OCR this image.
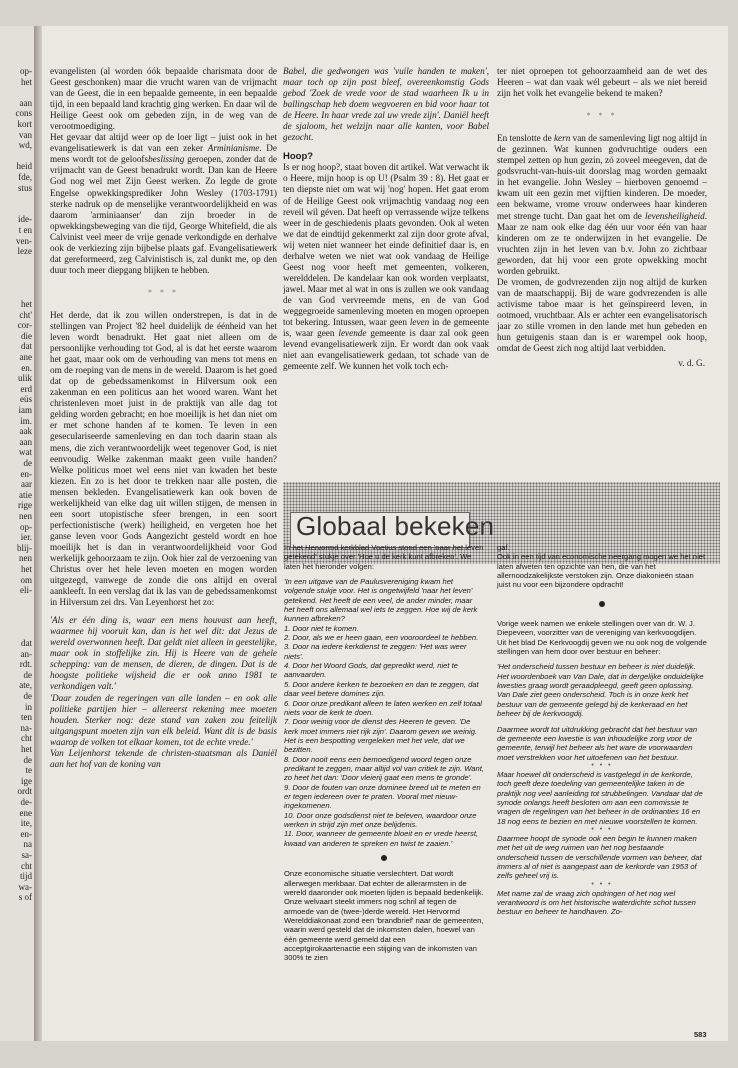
op-
het
aan
cons
kort
van
wd,
heid
fde,
stus
ide-
t en
ven-
leze
het
cht'
cor-
die
dat
ane
en.
ulik
erd
eüs
iam
im.
aak
aan
wat
de
en-
aar
atie
rige
nen
op-
ier.
blij-
nen
het
om
eli-
dat
an-
rdt.
de
ate,
de
in
ten
na-
cht
het
de
te
ige
ordt
de-
ene
ite,
en-
na
sa-
cht
tijd
wa-
s of

evangelisten (al worden óók bepaalde charismata door de Geest geschonken) maar die vrucht waren van de vrijmacht van de Geest, die in een bepaalde gemeente, in een bepaalde tijd, in een bepaald land krachtig ging werken. En daar wil de Heilige Geest ook om gebeden zijn, in de weg van de verootmoediging.

Het gevaar dat altijd weer op de loer ligt – juist ook in het evangelisatiewerk is dat van een zeker Arminianisme. De mens wordt tot de geloofsbeslissing geroepen, zonder dat de vrijmacht van de Geest benadrukt wordt. Dan kan de Heere God nog wel met Zijn Geest werken. Zo legde de grote Engelse opwekkingsprediker John Wesley (1703-1791) sterke nadruk op de menselijke verantwoordelijkheid en was daarom 'arminiaanser' dan zijn broeder in de opwekkingsbeweging van die tijd, George Whitefield, die als Calvinist veel meer de vrije genade verkondigde en derhalve ook de verkiezing zijn bijbelse plaats gaf. Evangelisatiewerk dat gereformeerd, zeg Calvinistisch is, zal dunkt me, op den duur toch meer diepgang blijken te hebben.

* * *

Het derde, dat ik zou willen onderstrepen, is dat in de stellingen van Project '82 heel duidelijk de éénheid van het leven wordt benadrukt. Het gaat niet alleen om de persoonlijke verhouding tot God, al is dat het eerste waarom het gaat, maar ook om de verhouding van mens tot mens en om de roeping van de mens in de wereld. Daarom is het goed dat op de gebedssamenkomst in Hilversum ook een zakenman en een politicus aan het woord waren. Want het christenleven moet juist in de praktijk van alle dag tot gelding worden gebracht; en hoe moeilijk is het dan niet om er met schone handen af te komen. Te leven in een geseculariseerde samenleving en dan toch daarin staan als mens, die zich verantwoordelijk weet tegenover God, is niet eenvoudig. Welke zakenman maakt geen vuile handen? Welke politicus moet wel eens niet van kwaden het beste kiezen. En zo is het door te trekken naar alle posten, die mensen bekleden. Evangelisatiewerk kan ook boven de werkelijkheid van elke dag uit willen stijgen, de mensen in een soort utopistische sfeer brengen, in een soort perfectionistische (werk) heiligheid, en vergeten hoe het ganse leven voor Gods Aangezicht gesteld wordt en hoe moeilijk het is dan in verantwoordelijkheid voor God werkelijk gehoorzaam te zijn. Ook hier zal de verzoening van Christus over het hele leven moeten en mogen worden uitgezegd, vanwege de zonde die ons altijd en overal aankleeft. In een verslag dat ik las van de gebedssamenkomst in Hilversum zei drs. Van Leyenhorst het zo:

'Als er één ding is, waar een mens houvast aan heeft, waarmee hij vooruit kan, dan is het wel dit: dat Jezus de wereld overwonnen heeft. Dat geldt niet alleen in geestelijke, maar ook in stoffelijke zin. Hij is Heere van de gehele schepping: van de mensen, de dieren, de dingen. Dat is de hoogste politieke wijsheid die er ook anno 1981 te verkondigen valt.'

'Daar zouden de regeringen van alle landen – en ook alle politieke partijen hier – allereerst rekening mee moeten houden. Sterker nog: deze stand van zaken zou feitelijk uitgangspunt moeten zijn van elk beleid. Want dit is de basis waarop de volken tot elkaar komen, tot de echte vrede.'

Van Leijenhorst tekende de christen-staatsman als Daniël aan het hof van de koning van

Babel, die gedwongen was 'vuile handen te maken', maar toch op zijn post bleef, overeenkomstig Gods gebod 'Zoek de vrede voor de stad waarheen Ik u in ballingschap heb doem wegvoeren en bid voor haar tot de Heere. In haar vrede zal uw vrede zijn'. Daniël heeft de sjaloom, het welzijn naar alle kanten, voor Babel gezocht.

Hoop?

Is er nog hoop?, staat boven dit artikel. Wat verwacht ik o Heere, mijn hoop is op U! (Psalm 39 : 8). Het gaat er ten diepste niet om wat wij 'nog' hopen. Het gaat erom of de Heilige Geest ook vrijmachtig vandaag nog een reveil wil géven. Dat heeft op verrassende wijze telkens weer in de geschiedenis plaats gevonden. Ook al weten we dat de eindtijd gekenmerkt zal zijn door grote afval, wij weten niet wanneer het einde definitief daar is, en derhalve weten we niet wat ook vandaag de Heilige Geest nog voor heeft met gemeenten, volkeren, werelddelen. De kandelaar kan ook worden verplaatst, jawel. Maar met al wat in ons is zullen we ook vandaag de van God vervreemde mens, en de van God weggegroeide samenleving moeten en mogen oproepen tot bekering. Intussen, waar geen leven in de gemeente is, waar geen levende gemeente is daar zal ook geen levend evangelisatiewerk zijn. Er wordt dan ook vaak niet aan evangelisatiewerk gedaan, tot schade van de gemeente zelf. We kunnen het volk toch ech-

ter niet oproepen tot gehoorzaamheid aan de wet des Heeren – wat dan vaak wél gebeurt – als we niet bereid zijn het volk het evangelie bekend te maken?

* * *

En tenslotte de kern van de samenleving ligt nog altijd in de gezinnen. Wat kunnen godvruchtige ouders een stempel zetten op hun gezin, zó zoveel meegeven, dat de godsvrucht-van-huis-uit doorslag mag worden gemaakt in het evangelie. John Wesley – hierboven genoemd – kwam uit een gezin met vijftien kinderen. De moeder, een bekwame, vrome vrouw onderwees haar kinderen met strenge tucht. Dan gaat het om de levensheiligheid. Maar ze nam ook elke dag één uur voor één van haar kinderen om ze te onderwijzen in het evangelie. De vruchten zijn in het leven van b.v. John zo zichtbaar geworden, dat hij voor een grote opwekking mocht worden gebruikt.

De vromen, de godvrezenden zijn nog altijd de kurken van de maatschappij. Bij de ware godvrezenden is alle activisme taboe maar is het geïnspireerd leven, in ootmoed, vruchtbaar. Als er achter een evangelisatorisch jaar zo stille vromen in den lande met hun gebeden en hun getuigenis staan dan is er warempel ook hoop, omdat de Geest zich nog altijd laat verbidden.

v. d. G.
Globaal bekeken

In het Hervormd kerkblad Voetius stond een 'naar het leven getekend' stukje over 'Hoe u de kerk kunt afbreken'. We laten het hieronder volgen:

'In een uitgave van de Paulusvereniging kwam het volgende stukje voor. Het is ongetwijfeld 'naar het leven' getekend. Het heeft de een veel, de ander minder, maar het heeft ons allemaal wel iets te zeggen. Hoe wij de kerk kunnen afbreken?

1. Door niet te komen.

2. Door, als we er heen gaan, een vooroordeel te hebben.

3. Door na iedere kerkdienst te zeggen: 'Het was weer niets'.

4. Door het Woord Gods, dat gepredikt werd, niet te aanvaarden.

5. Door andere kerken te bezoeken en dan te zeggen, dat daar veel betere domines zijn.

6. Door onze predikant alleen te laten werken en zelf totaal niets voor de kerk te doen.

7. Door weinig voor de dienst des Heeren te geven. 'De kerk moet immers niet rijk zijn'. Daarom geven we weinig. Het is een bespotting vergeleken met het vele, dat we bezitten.

8. Door nooit eens een bemoedigend woord tegen onze predikant te zeggen, maar altijd vol van critiek te zijn. Want, zo heet het dan: 'Door vleierij gaat een mens te gronde'.

9. Door de fouten van onze dominee breed uit te meten en er tegen iedereen over te praten. Vooral met nieuw-ingekomenen.

10. Door onze godsdienst niet te beleven, waardoor onze werken in strijd zijn met onze belijdenis.

11. Door, wanneer de gemeente bloeit en er vrede heerst, kwaad van anderen te spreken en twist te zaaien.'

Onze economische situatie verslechtert. Dat wordt allerwegen merkbaar. Dat echter de allerarmsten in de wereld daaronder ook moeten lijden is bepaald bedenkelijk. Onze welvaart steekt immers nog schril af tegen de armoede van de (twee-)derde wereld. Het Hervormd Werelddiakonaat zond een 'brandbrief' naar de gemeenten, waarin werd gesteld dat de inkomsten dalen, hoewel van één gemeente werd gemeld dat een acceptgirokaartenactie een stijging van de inkomsten van 300% te zien

gaf.

Ook in een tijd van economische neergang mogen we het niet laten afweten ten opzichte van hen, die van het allernoodzakelijkste verstoken zijn. Onze diakonieën staan juist nu voor een bijzondere opdracht!

Vorige week namen we enkele stellingen over van dr. W. J. Diepeveen, voorzitter van de vereniging van kerkvoogdijen. Uit het blad De Kerkvoogdij geven we nu ook nog de volgende stellingen van hem door over bestuur en beheer:

'Het onderscheid tussen bestuur en beheer is niet duidelijk. Het woordenboek van Van Dale, dat in dergelijke onduidelijke kwesties graag wordt geraadpleegd, geeft geen oplossing. Van Dale ziet geen onderscheid. Toch is in onze kerk het bestuur van de gemeente gelegd bij de kerkeraad en het beheer bij de kerkvoogdij.

Daarmee wordt tot uitdrukking gebracht dat het bestuur van de gemeente een kwestie is van inhoudelijke zorg voor de gemeente, terwijl het beheer als het ware de voorwaarden moet verstrekken voor het uitoefenen van het bestuur.

• • •

Maar hoewel dit onderscheid is vastgelegd in de kerkorde, toch geeft deze toedeling van gemeentelijke taken in de praktijk nog veel aanleiding tot strubbelingen. Vandaar dat de synode onlangs heeft besloten om aan een commissie te vragen de regelingen van het beheer in de ordinanties 16 en 18 nog eens te bezien en met nieuwe voorstellen te komen.

• • •

Daarmee hoopt de synode ook een begin te kunnen maken met het uit de weg ruimen van het nog bestaande onderscheid tussen de verschillende vormen van beheer, dat immers al of niet is aangepast aan de kerkorde van 1953 of zelfs geheel vrij is.

• • •

Met name zal de vraag zich opdringen of het nog wel verantwoord is om het historische waterdichte schot tussen bestuur en beheer te handhaven. Zo-

583
